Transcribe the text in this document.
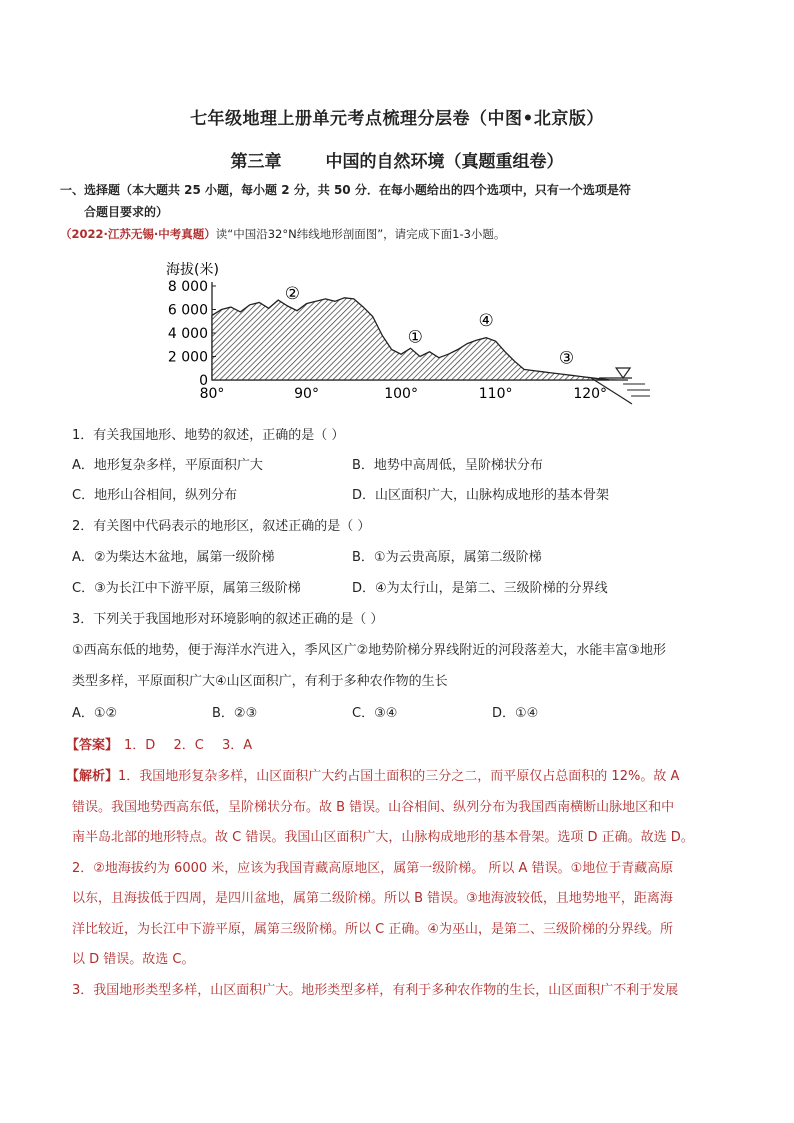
七年级地理上册单元考点梳理分层卷（中图•北京版）
第三章	中国的自然环境（真题重组卷）
一、选择题（本大题共 25 小题，每小题 2 分，共 50 分．在每小题给出的四个选项中，只有一个选项是符
合题目要求的）
（2022·江苏无锡·中考真题）读“中国沿32°N纬线地形剖面图”，请完成下面1-3小题。
海拔(米)
0
2 000
4 000
6 000
8 000
80°	90°	100°	110°	120°
②
①
④
③
1．有关我国地形、地势的叙述，正确的是（ ）
A．地形复杂多样，平原面积广大	B．地势中高周低，呈阶梯状分布
C．地形山谷相间，纵列分布	D．山区面积广大，山脉构成地形的基本骨架
2．有关图中代码表示的地形区，叙述正确的是（ ）
A．②为柴达木盆地，属第一级阶梯	B．①为云贵高原，属第二级阶梯
C．③为长江中下游平原，属第三级阶梯	D．④为太行山，是第二、三级阶梯的分界线
3．下列关于我国地形对环境影响的叙述正确的是（ ）
①西高东低的地势，便于海洋水汽进入，季风区广②地势阶梯分界线附近的河段落差大，水能丰富③地形
类型多样，平原面积广大④山区面积广，有利于多种农作物的生长
A．①②	B．②③	C．③④	D．①④
【答案】 1．D 2．C 3．A
【解析】1．我国地形复杂多样，山区面积广大约占国土面积的三分之二，而平原仅占总面积的 12%。故 A
错误。我国地势西高东低，呈阶梯状分布。故 B 错误。山谷相间、纵列分布为我国西南横断山脉地区和中
南半岛北部的地形特点。故 C 错误。我国山区面积广大，山脉构成地形的基本骨架。选项 D 正确。故选 D。
2．②地海拔约为 6000 米，应该为我国青藏高原地区，属第一级阶梯。 所以 A 错误。①地位于青藏高原
以东，且海拔低于四周，是四川盆地，属第二级阶梯。所以 B 错误。③地海波较低，且地势地平，距离海
洋比较近，为长江中下游平原，属第三级阶梯。所以 C 正确。④为巫山，是第二、三级阶梯的分界线。所
以 D 错误。故选 C。
3．我国地形类型多样，山区面积广大。地形类型多样，有利于多种农作物的生长，山区面积广不利于发展
